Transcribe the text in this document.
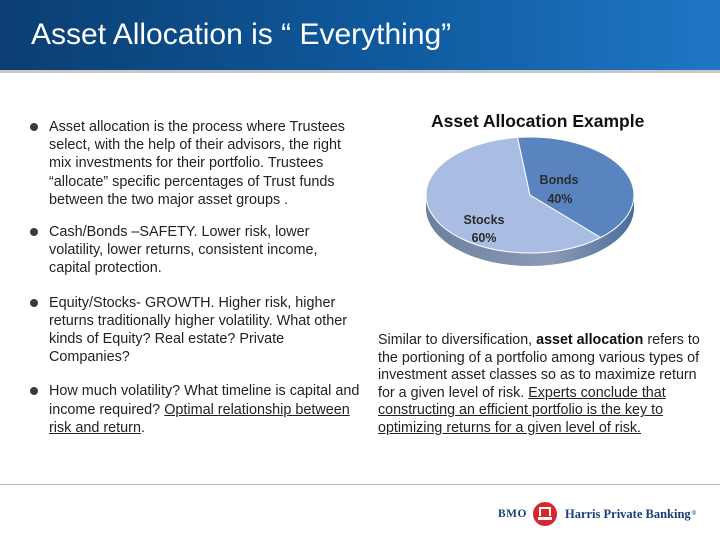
Asset Allocation is “ Everything”
Asset allocation is the process where Trustees select, with the help of their advisors, the right mix investments for their portfolio. Trustees “allocate” specific percentages of Trust funds between the two major asset groups .
Cash/Bonds –SAFETY. Lower risk, lower volatility, lower returns, consistent income, capital protection.
Equity/Stocks- GROWTH. Higher risk, higher returns traditionally higher volatility. What other kinds of Equity? Real estate? Private Companies?
How much volatility? What timeline is capital and income required? Optimal relationship between risk and return.
Asset Allocation Example
Bonds
40%
Stocks
60%
Similar to diversification, asset allocation refers to the portioning of a portfolio among various types of investment asset classes so as to maximize return for a given level of risk. Experts conclude that constructing an efficient portfolio is the key to optimizing returns for a given level of risk.
BMO	Harris Private Banking ®
